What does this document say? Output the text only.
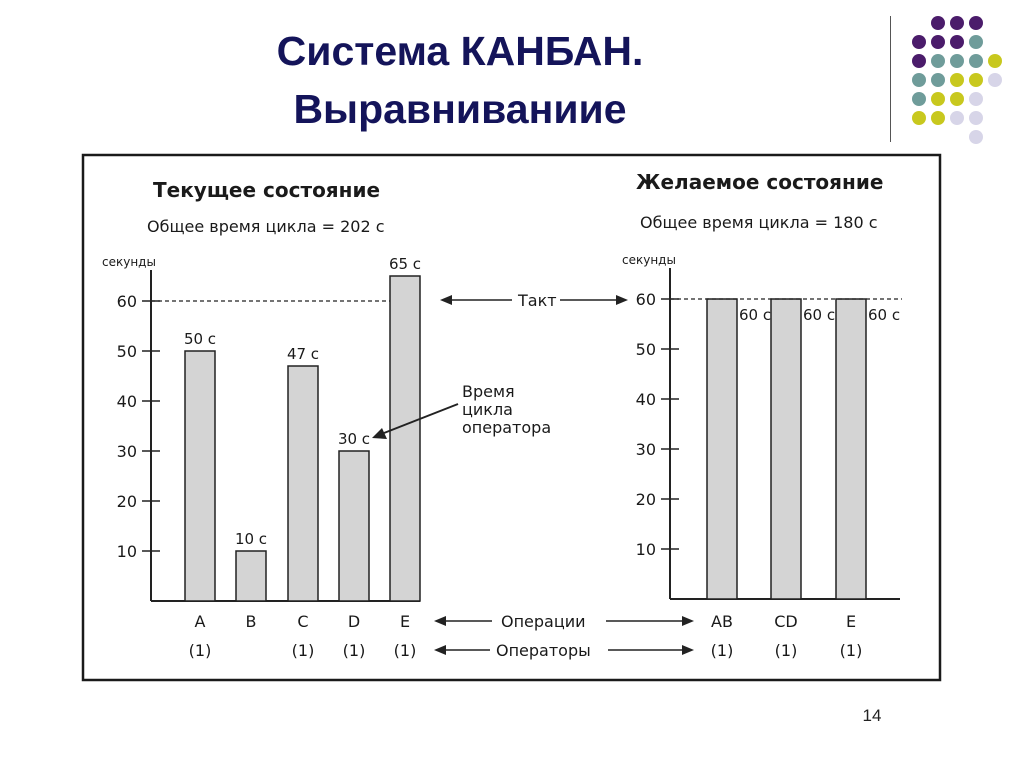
Система КАНБАН.
Выравниваниие
Текущее состояние
Общее время цикла = 202 с
секунды
10
20
30
40
50
60
50 с
10 с
47 с
30 с
65 с
A
(1)
B	C
(1)
D
(1)
E
(1)
Желаемое состояние
Общее время цикла = 180 с
секунды
10
20
30
40
50
60
60 с 60 с 60 с
AB
(1)
CD
(1)
E
(1)
Такт
Время
цикла
оператора
Операции
Операторы
14
